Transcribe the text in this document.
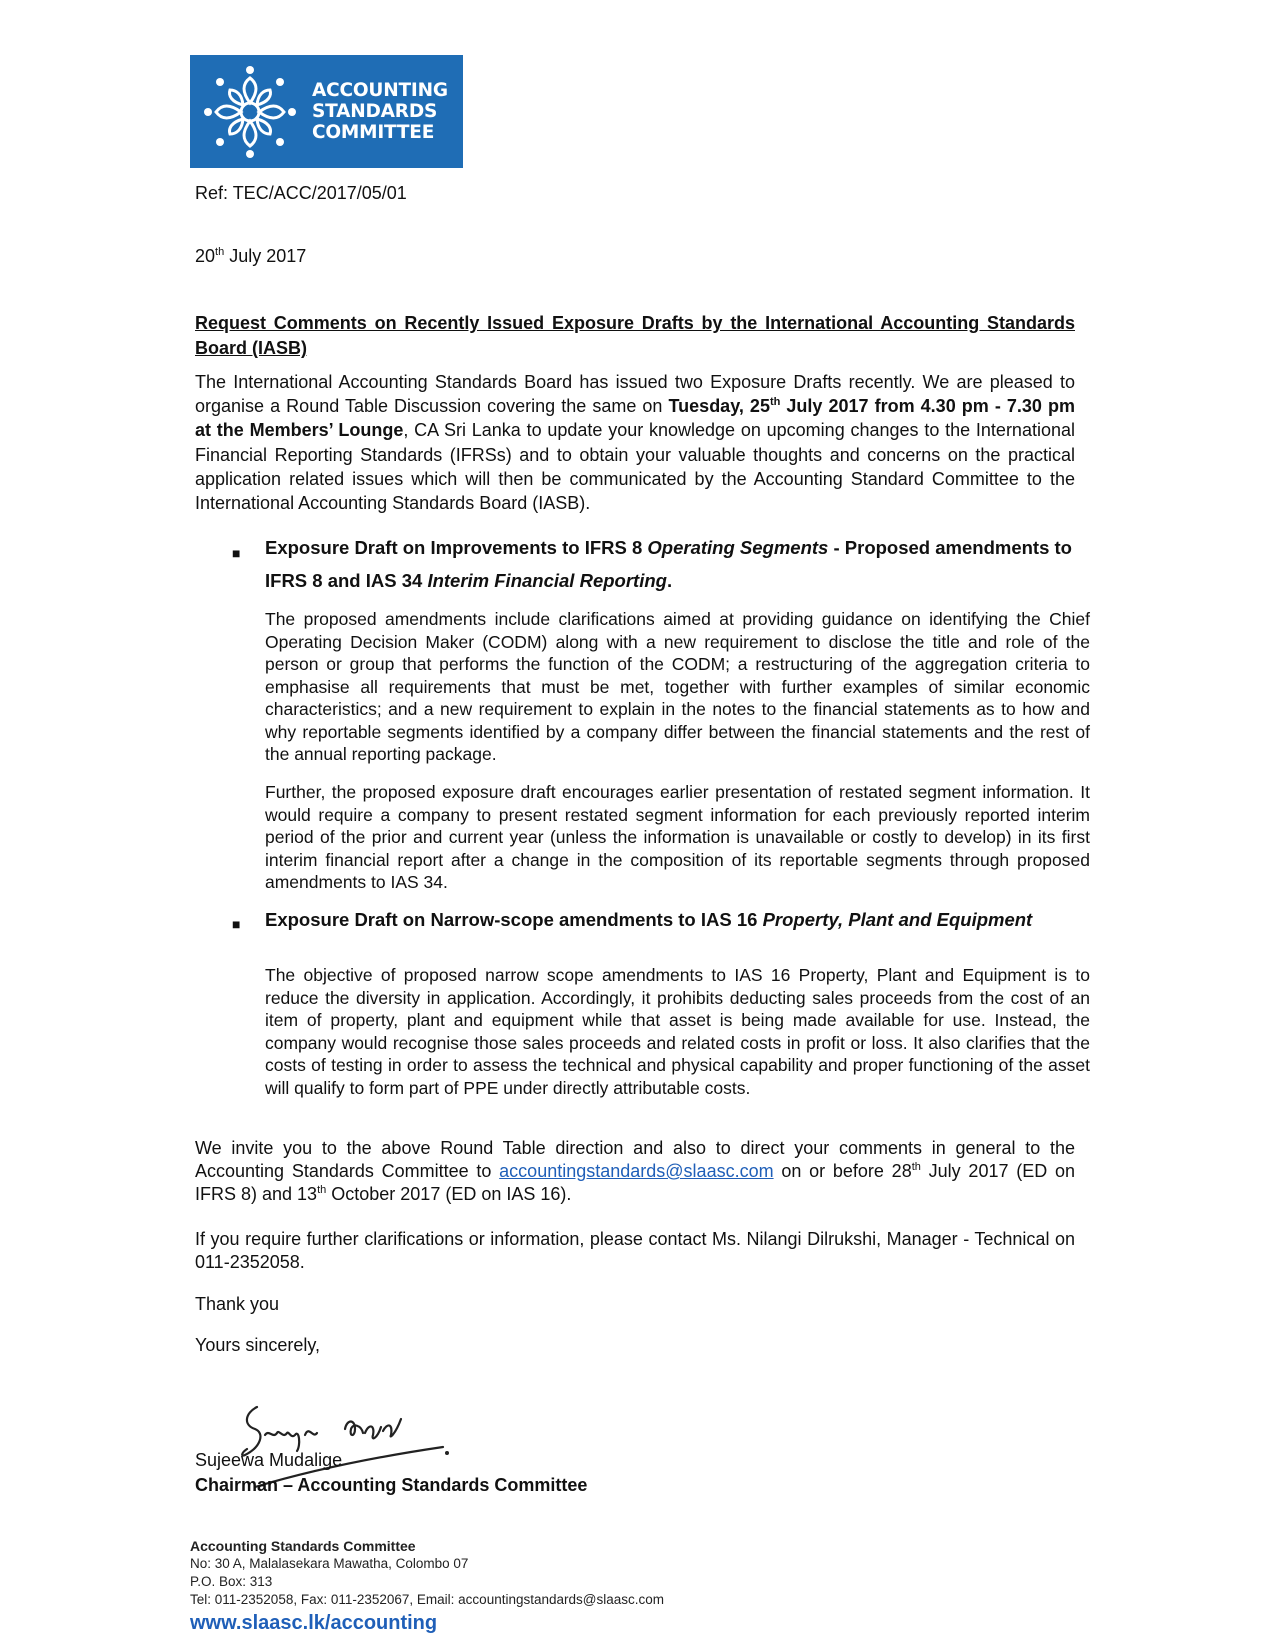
ACCOUNTING
STANDARDS
COMMITTEE
Ref: TEC/ACC/2017/05/01
20th July 2017
Request Comments on Recently Issued Exposure Drafts by the International Accounting Standards Board (IASB)
The International Accounting Standards Board has issued two Exposure Drafts recently. We are pleased to organise a Round Table Discussion covering the same on Tuesday, 25th July 2017 from 4.30 pm - 7.30 pm at the Members’ Lounge, CA Sri Lanka to update your knowledge on upcoming changes to the International Financial Reporting Standards (IFRSs) and to obtain your valuable thoughts and concerns on the practical application related issues which will then be communicated by the Accounting Standard Committee to the International Accounting Standards Board (IASB).
■ Exposure Draft on Improvements to IFRS 8 Operating Segments - Proposed amendments to IFRS 8 and IAS 34 Interim Financial Reporting.
The proposed amendments include clarifications aimed at providing guidance on identifying the Chief Operating Decision Maker (CODM) along with a new requirement to disclose the title and role of the person or group that performs the function of the CODM; a restructuring of the aggregation criteria to emphasise all requirements that must be met, together with further examples of similar economic characteristics; and a new requirement to explain in the notes to the financial statements as to how and why reportable segments identified by a company differ between the financial statements and the rest of the annual reporting package.
Further, the proposed exposure draft encourages earlier presentation of restated segment information. It would require a company to present restated segment information for each previously reported interim period of the prior and current year (unless the information is unavailable or costly to develop) in its first interim financial report after a change in the composition of its reportable segments through proposed amendments to IAS 34.
■ Exposure Draft on Narrow-scope amendments to IAS 16 Property, Plant and Equipment
The objective of proposed narrow scope amendments to IAS 16 Property, Plant and Equipment is to reduce the diversity in application. Accordingly, it prohibits deducting sales proceeds from the cost of an item of property, plant and equipment while that asset is being made available for use. Instead, the company would recognise those sales proceeds and related costs in profit or loss. It also clarifies that the costs of testing in order to assess the technical and physical capability and proper functioning of the asset will qualify to form part of PPE under directly attributable costs.
We invite you to the above Round Table direction and also to direct your comments in general to the Accounting Standards Committee to accountingstandards@slaasc.com on or before 28th July 2017 (ED on IFRS 8) and 13th October 2017 (ED on IAS 16).
If you require further clarifications or information, please contact Ms. Nilangi Dilrukshi, Manager - Technical on 011-2352058.
Thank you
Yours sincerely,
Sujeewa Mudalige
Chairman – Accounting Standards Committee
Accounting Standards Committee
No: 30 A, Malalasekara Mawatha, Colombo 07
P.O. Box: 313
Tel: 011-2352058, Fax: 011-2352067, Email: accountingstandards@slaasc.com
www.slaasc.lk/accounting
